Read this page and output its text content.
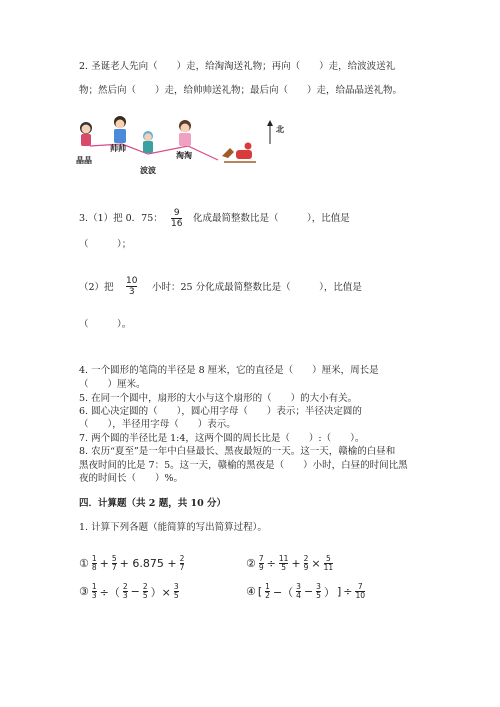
2. 圣诞老人先向（　　）走，给淘淘送礼物；再向（　　）走，给波波送礼
物；然后向（　　）走，给帅帅送礼物；最后向（　　）走，给晶晶送礼物。
晶晶
帅帅
波波
淘淘
北
3.（1）把 0．75： 9
16 化成最简整数比是（　　　），比值是
（　　　）；
（2）把
10
3 小时：25 分化成最简整数比是（　　　），比值是
（　　　）。
4. 一个圆形的笔筒的半径是 8 厘米，它的直径是（　　）厘米，周长是
（　　）厘米。
5. 在同一个圆中，扇形的大小与这个扇形的（　　）的大小有关。
6. 圆心决定圆的（　　），圆心用字母（　　）表示；半径决定圆的
（　　），半径用字母（　　）表示。
7. 两个圆的半径比是 1:4，这两个圆的周长比是（　　）:（　　）。
8. 农历“夏至”是一年中白昼最长、黑夜最短的一天。这一天，赣榆的白昼和
黑夜时间的比是 7：5。这一天，赣榆的黑夜是（　　）小时，白昼的时间比黑
夜的时间长（　　）%。
四．计算题（共 2 题，共 10 分）
1. 计算下列各题（能简算的写出简算过程）。
① 1
8 + 5
7 + 6.875 + 2
7	② 7
9 ÷ 11
5 + 2
9 × 5
11
③ 1
3 ÷（ 2
3 − 2
5 ）× 3
5	④ [ 1
2 −（ 3
4 − 3
5 ） ] ÷ 7
10
